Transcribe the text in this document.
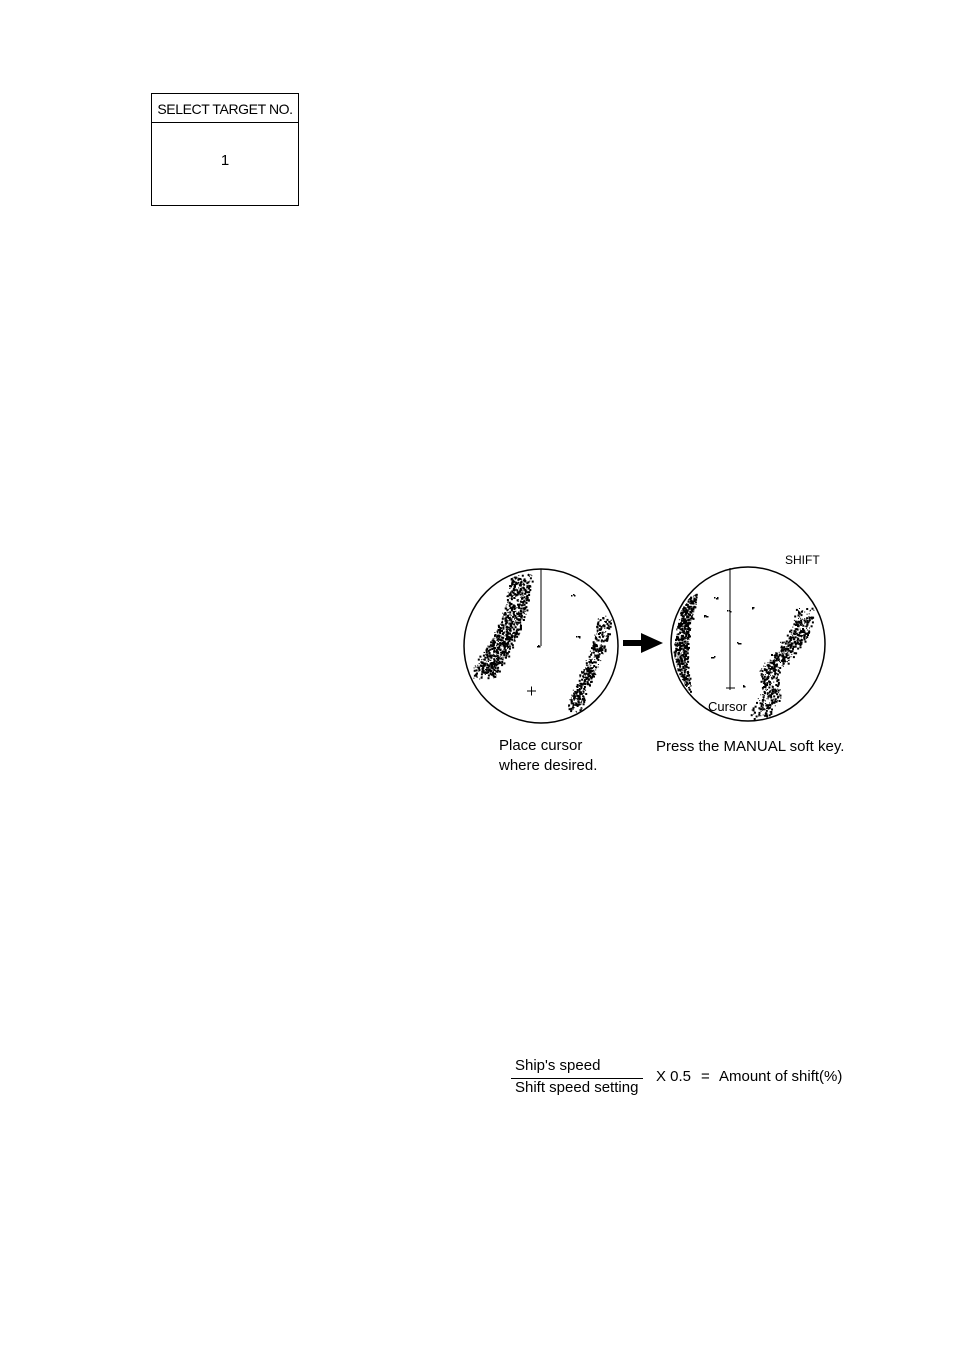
SELECT TARGET NO.
1
SHIFT
Cursor
Place cursor
where desired.
Press the MANUAL soft key.
Ship's speed
Shift speed setting
X 0.5 = Amount of shift(%)
